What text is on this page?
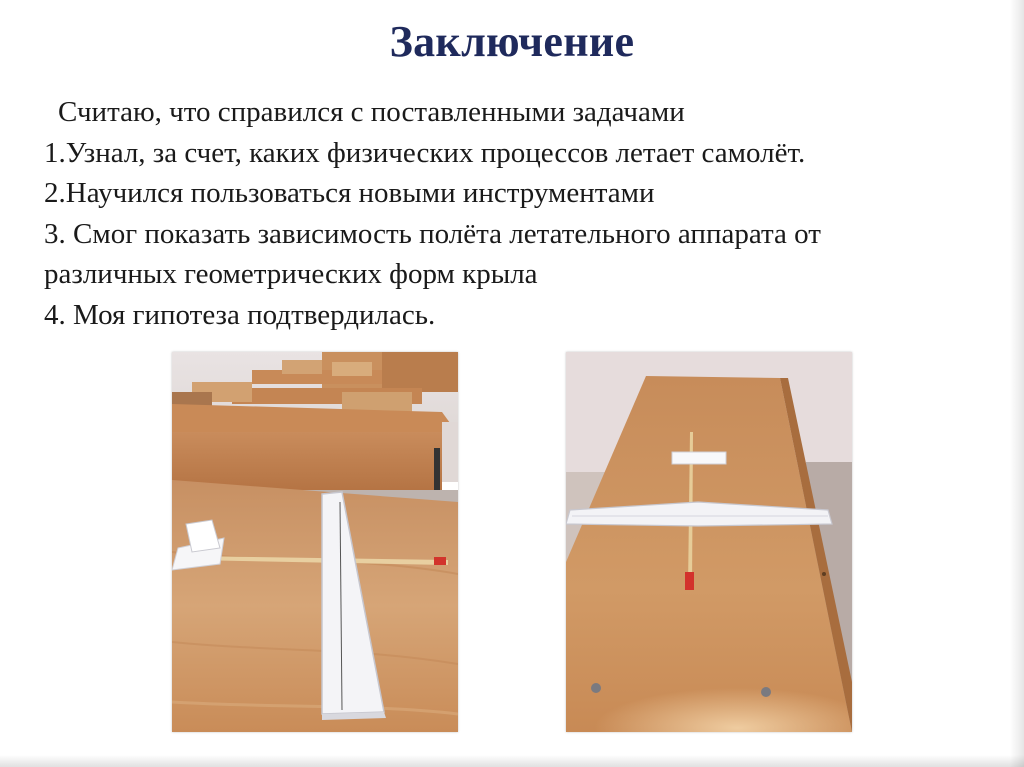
Заключение
Считаю, что справился с поставленными задачами
1.Узнал, за счет, каких физических процессов летает самолёт.
2.Научился пользоваться новыми инструментами
3. Смог показать зависимость полёта летательного аппарата от
различных геометрических форм крыла
4. Моя гипотеза подтвердилась.
